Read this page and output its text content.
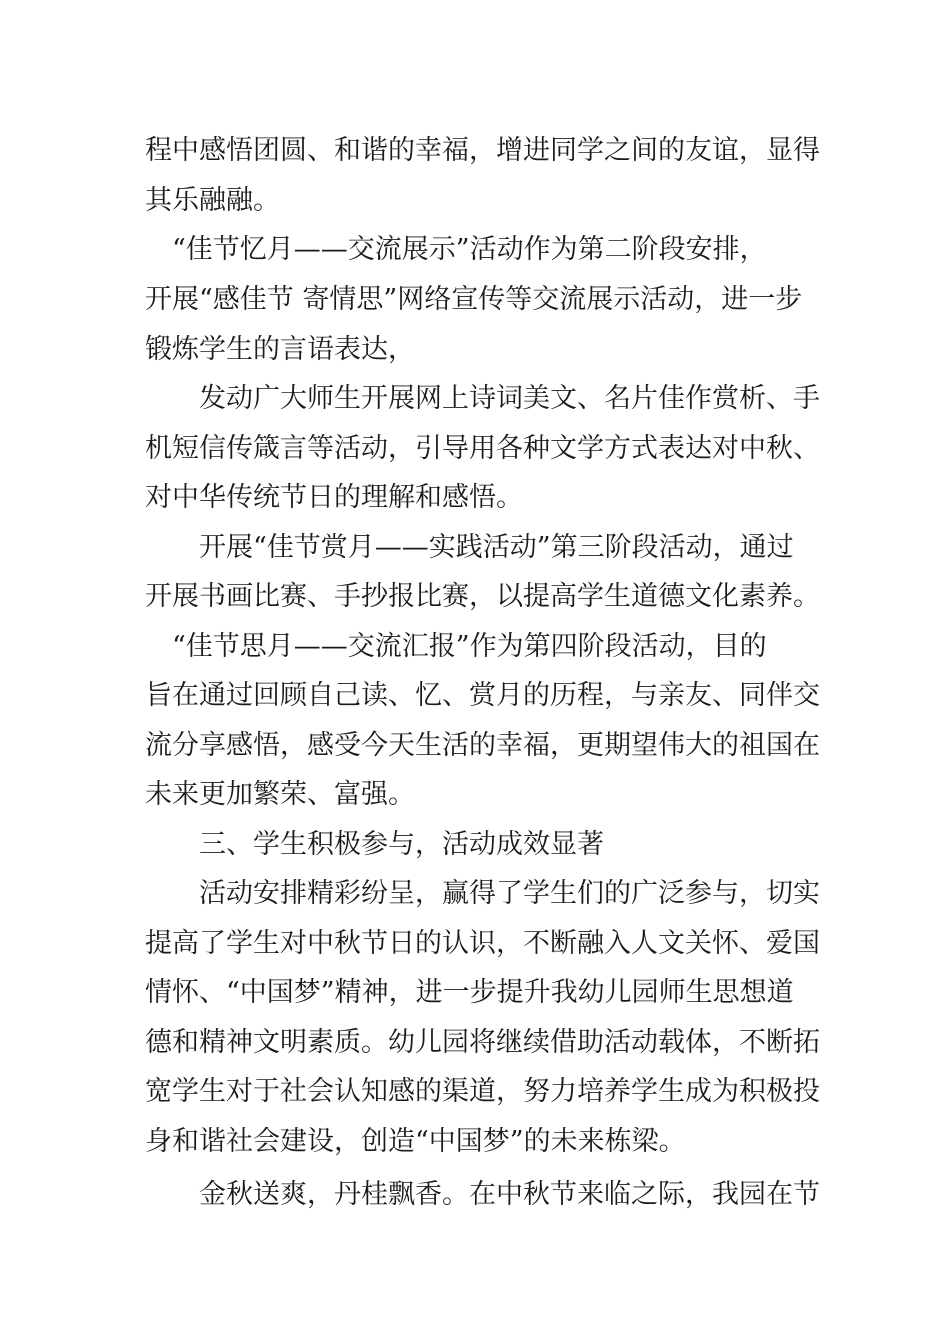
程中感悟团圆、和谐的幸福，增进同学之间的友谊，显得
其乐融融。
“佳节忆月——交流展示”活动作为第二阶段安排，
开展“感佳节 寄情思”网络宣传等交流展示活动，进一步
锻炼学生的言语表达，
发动广大师生开展网上诗词美文、名片佳作赏析、手
机短信传箴言等活动，引导用各种文学方式表达对中秋、
对中华传统节日的理解和感悟。
开展“佳节赏月——实践活动”第三阶段活动，通过
开展书画比赛、手抄报比赛，以提高学生道德文化素养。
“佳节思月——交流汇报”作为第四阶段活动，目的
旨在通过回顾自己读、忆、赏月的历程，与亲友、同伴交
流分享感悟，感受今天生活的幸福，更期望伟大的祖国在
未来更加繁荣、富强。
三、学生积极参与，活动成效显著
活动安排精彩纷呈，赢得了学生们的广泛参与，切实
提高了学生对中秋节日的认识，不断融入人文关怀、爱国
情怀、“中国梦”精神，进一步提升我幼儿园师生思想道
德和精神文明素质。幼儿园将继续借助活动载体，不断拓
宽学生对于社会认知感的渠道，努力培养学生成为积极投
身和谐社会建设，创造“中国梦”的未来栋梁。
金秋送爽，丹桂飘香。在中秋节来临之际，我园在节
